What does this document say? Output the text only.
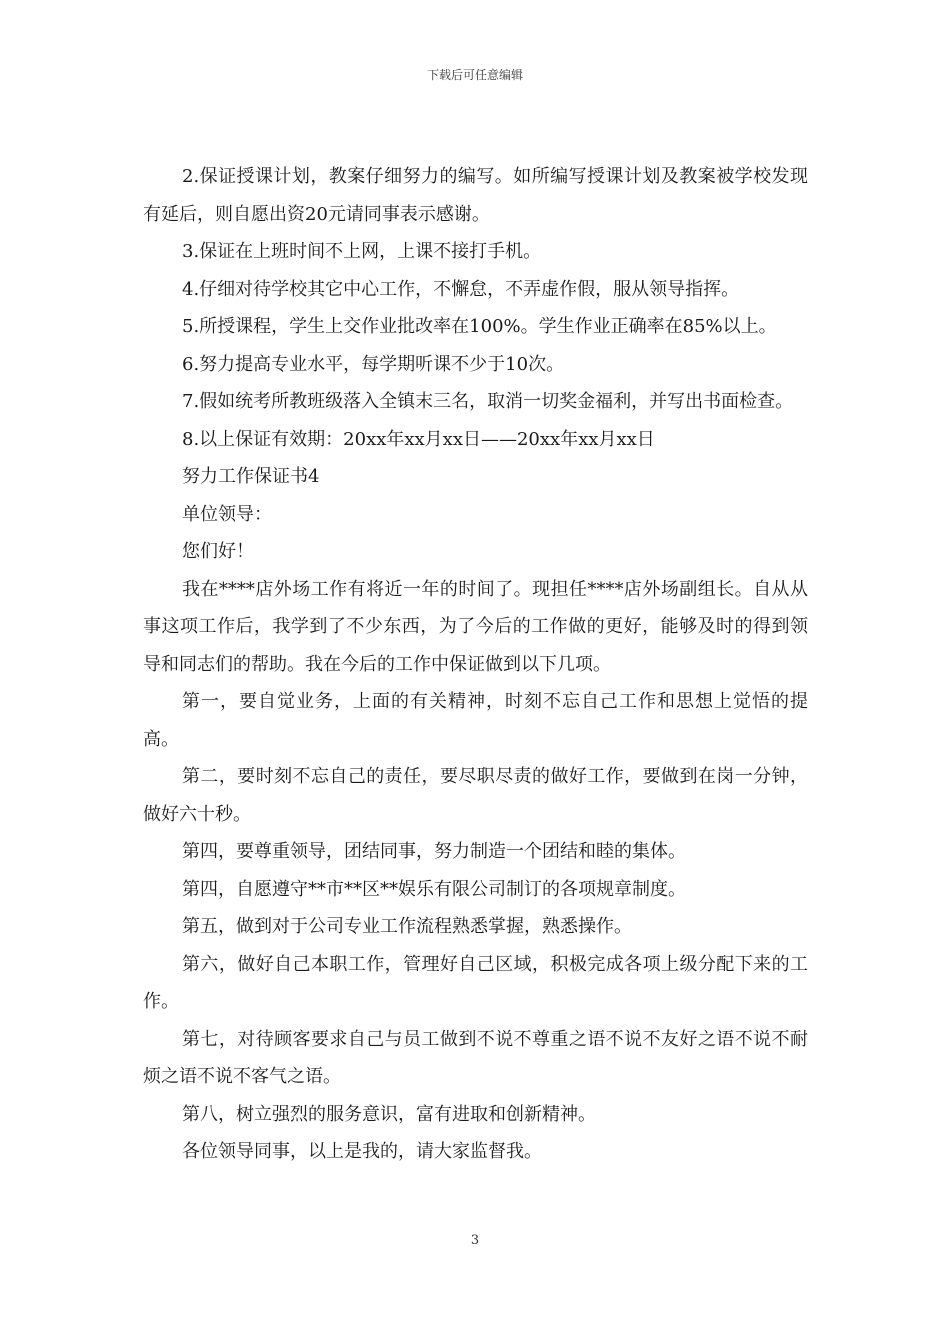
下载后可任意编辑

2.保证授课计划，教案仔细努力的编写。如所编写授课计划及教案被学校发现有延后，则自愿出资20元请同事表示感谢。

3.保证在上班时间不上网，上课不接打手机。

4.仔细对待学校其它中心工作，不懈怠，不弄虚作假，服从领导指挥。

5.所授课程，学生上交作业批改率在100%。学生作业正确率在85%以上。

6.努力提高专业水平，每学期听课不少于10次。

7.假如统考所教班级落入全镇末三名，取消一切奖金福利，并写出书面检查。

8.以上保证有效期：20xx年xx月xx日——20xx年xx月xx日

努力工作保证书4

单位领导：

您们好！

我在****店外场工作有将近一年的时间了。现担任****店外场副组长。自从从事这项工作后，我学到了不少东西，为了今后的工作做的更好，能够及时的得到领导和同志们的帮助。我在今后的工作中保证做到以下几项。

第一，要自觉业务，上面的有关精神，时刻不忘自己工作和思想上觉悟的提高。

第二，要时刻不忘自己的责任，要尽职尽责的做好工作，要做到在岗一分钟，做好六十秒。

第四，要尊重领导，团结同事，努力制造一个团结和睦的集体。

第四，自愿遵守**市**区**娱乐有限公司制订的各项规章制度。

第五，做到对于公司专业工作流程熟悉掌握，熟悉操作。

第六，做好自己本职工作，管理好自己区域，积极完成各项上级分配下来的工作。

第七，对待顾客要求自己与员工做到不说不尊重之语不说不友好之语不说不耐烦之语不说不客气之语。

第八，树立强烈的服务意识，富有进取和创新精神。

各位领导同事，以上是我的，请大家监督我。

3
